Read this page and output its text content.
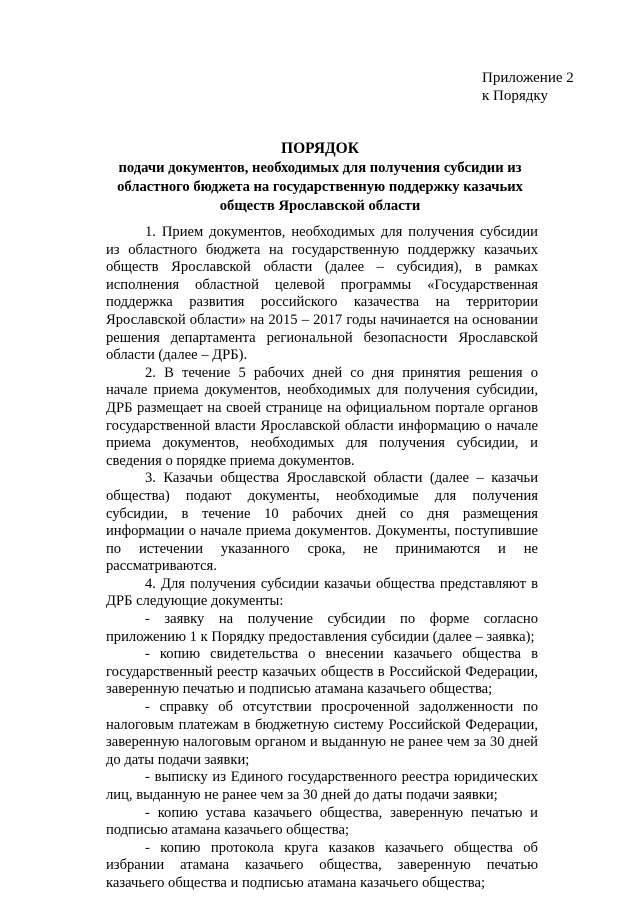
Приложение 2
к Порядку
ПОРЯДОК
подачи документов, необходимых для получения субсидии из областного бюджета на государственную поддержку казачьих обществ Ярославской области

1. Прием документов, необходимых для получения субсидии из областного бюджета на государственную поддержку казачьих обществ Ярославской области (далее – субсидия), в рамках исполнения областной целевой программы «Государственная поддержка развития российского казачества на территории Ярославской области» на 2015 – 2017 годы начинается на основании решения департамента региональной безопасности Ярославской области (далее – ДРБ).

2. В течение 5 рабочих дней со дня принятия решения о начале приема документов, необходимых для получения субсидии, ДРБ размещает на своей странице на официальном портале органов государственной власти Ярославской области информацию о начале приема документов, необходимых для получения субсидии, и сведения о порядке приема документов.

3. Казачьи общества Ярославской области (далее – казачьи общества) подают документы, необходимые для получения субсидии, в течение 10 рабочих дней со дня размещения информации о начале приема документов. Документы, поступившие по истечении указанного срока, не принимаются и не рассматриваются.

4. Для получения субсидии казачьи общества представляют в ДРБ следующие документы:

- заявку на получение субсидии по форме согласно приложению 1 к Порядку предоставления субсидии (далее – заявка);

- копию свидетельства о внесении казачьего общества в государственный реестр казачьих обществ в Российской Федерации, заверенную печатью и подписью атамана казачьего общества;

- справку об отсутствии просроченной задолженности по налоговым платежам в бюджетную систему Российской Федерации, заверенную налоговым органом и выданную не ранее чем за 30 дней до даты подачи заявки;

- выписку из Единого государственного реестра юридических лиц, выданную не ранее чем за 30 дней до даты подачи заявки;

- копию устава казачьего общества, заверенную печатью и подписью атамана казачьего общества;

- копию протокола круга казаков казачьего общества об избрании атамана казачьего общества, заверенную печатью казачьего общества и подписью атамана казачьего общества;
